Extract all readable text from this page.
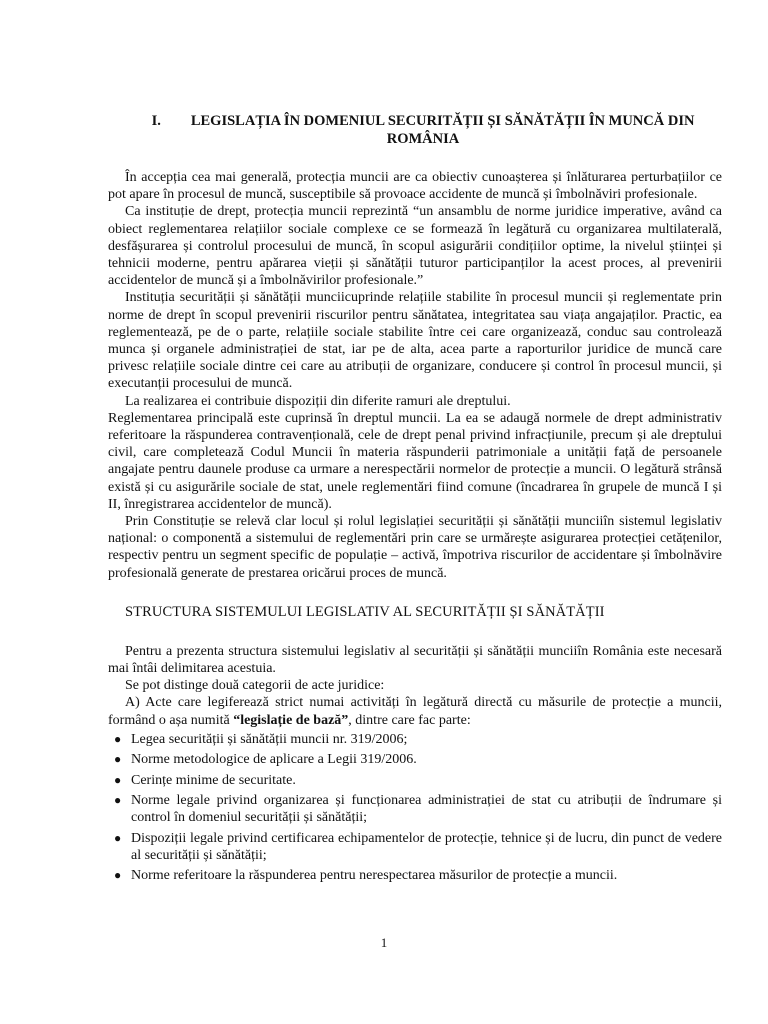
I. LEGISLAȚIA ÎN DOMENIUL SECURITĂȚII ȘI SĂNĂTĂȚII ÎN MUNCĂ DIN ROMÂNIA

În accepția cea mai generală, protecția muncii are ca obiectiv cunoașterea și înlăturarea perturbațiilor ce pot apare în procesul de muncă, susceptibile să provoace accidente de muncă și îmbolnăviri profesionale.

Ca instituție de drept, protecția muncii reprezintă “un ansamblu de norme juridice imperative, având ca obiect reglementarea relațiilor sociale complexe ce se formează în legătură cu organizarea multilaterală, desfășurarea și controlul procesului de muncă, în scopul asigurării condițiilor optime, la nivelul științei și tehnicii moderne, pentru apărarea vieții și sănătății tuturor participanților la acest proces, al prevenirii accidentelor de muncă și a îmbolnăvirilor profesionale.”

Instituția securității și sănătății munciicuprinde relațiile stabilite în procesul muncii și reglementate prin norme de drept în scopul prevenirii riscurilor pentru sănătatea, integritatea sau viața angajaților. Practic, ea reglementează, pe de o parte, relațiile sociale stabilite între cei care organizează, conduc sau controlează munca și organele administrației de stat, iar pe de alta, acea parte a raporturilor juridice de muncă care privesc relațiile sociale dintre cei care au atribuții de organizare, conducere și control în procesul muncii, și executanții procesului de muncă.

La realizarea ei contribuie dispoziții din diferite ramuri ale dreptului.

Reglementarea principală este cuprinsă în dreptul muncii. La ea se adaugă normele de drept administrativ referitoare la răspunderea contravențională, cele de drept penal privind infracțiunile, precum și ale dreptului civil, care completează Codul Muncii în materia răspunderii patrimoniale a unității față de persoanele angajate pentru daunele produse ca urmare a nerespectării normelor de protecție a muncii. O legătură strânsă există și cu asigurările sociale de stat, unele reglementări fiind comune (încadrarea în grupele de muncă I și II, înregistrarea accidentelor de muncă).

Prin Constituție se relevă clar locul și rolul legislației securității și sănătății munciiîn sistemul legislativ național: o componentă a sistemului de reglementări prin care se urmărește asigurarea protecției cetățenilor, respectiv pentru un segment specific de populație – activă, împotriva riscurilor de accidentare și îmbolnăvire profesională generate de prestarea oricărui proces de muncă.

STRUCTURA SISTEMULUI LEGISLATIV AL SECURITĂȚII ȘI SĂNĂTĂȚII

Pentru a prezenta structura sistemului legislativ al securității și sănătății munciiîn România este necesară mai întâi delimitarea acestuia.

Se pot distinge două categorii de acte juridice:

A) Acte care legiferează strict numai activități în legătură directă cu măsurile de protecție a muncii, formând o așa numită “legislație de bază”, dintre care fac parte:

● Legea securității și sănătății muncii nr. 319/2006;
● Norme metodologice de aplicare a Legii 319/2006.
● Cerințe minime de securitate.
● Norme legale privind organizarea și funcționarea administrației de stat cu atribuții de îndrumare și control în domeniul securității și sănătății;
● Dispoziții legale privind certificarea echipamentelor de protecție, tehnice și de lucru, din punct de vedere al securității și sănătății;
● Norme referitoare la răspunderea pentru nerespectarea măsurilor de protecție a muncii.
1
